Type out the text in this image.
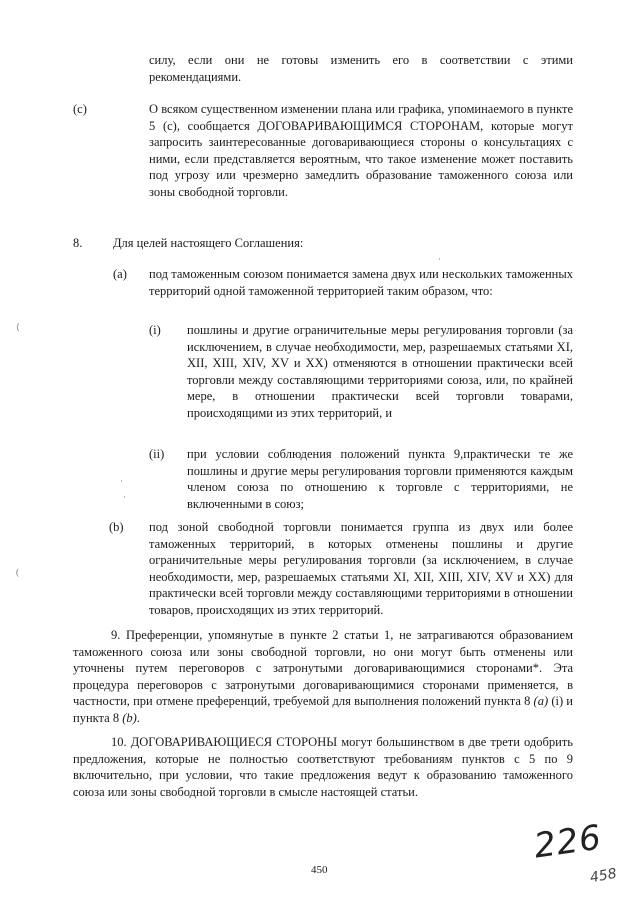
силу, если они не готовы изменить его в соответствии с этими рекомендациями.
(c)	О всяком существенном изменении плана или графика, упоминаемого в пункте 5 (c), сообщается ДОГОВАРИВАЮЩИМСЯ СТОРОНАМ, которые могут запросить заинтересованные договаривающиеся стороны о консультациях с ними, если представляется вероятным, что такое изменение может поставить под угрозу или чрезмерно замедлить образование таможенного союза или зоны свободной торговли.
8. Для целей настоящего Соглашения:
(a) под таможенным союзом понимается замена двух или нескольких таможенных территорий одной таможенной территорией таким образом, что:
(i) пошлины и другие ограничительные меры регулирования торговли (за исключением, в случае необходимости, мер, разрешаемых статьями XI, XII, XIII, XIV, XV и XX) отменяются в отношении практически всей торговли между составляющими территориями союза, или, по крайней мере, в отношении практически всей торговли товарами, происходящими из этих территорий, и
(ii) при условии соблюдения положений пункта 9,практически те же пошлины и другие меры регулирования торговли применяются каждым членом союза по отношению к торговле с территориями, не включенными в союз;
(b) под зоной свободной торговли понимается группа из двух или более таможенных территорий, в которых отменены пошлины и другие ограничительные меры регулирования торговли (за исключением, в случае необходимости, мер, разрешаемых статьями XI, XII, XIII, XIV, XV и XX) для практически всей торговли между составляющими территориями в отношении товаров, происходящих из этих территорий.
9. Преференции, упомянутые в пункте 2 статьи 1, не затрагиваются образованием таможенного союза или зоны свободной торговли, но они могут быть отменены или уточнены путем переговоров с затронутыми договаривающимися сторонами*. Эта процедура переговоров с затронутыми договаривающимися сторонами применяется, в частности, при отмене преференций, требуемой для выполнения положений пункта 8 (a) (i) и пункта 8 (b).
10. ДОГОВАРИВАЮЩИЕСЯ СТОРОНЫ могут большинством в две трети одобрить предложения, которые не полностью соответствуют требованиям пунктов с 5 по 9 включительно, при условии, что такие предложения ведут к образованию таможенного союза или зоны свободной торговли в смысле настоящей статьи.
450
226
458
⟨
(
·
·
·
